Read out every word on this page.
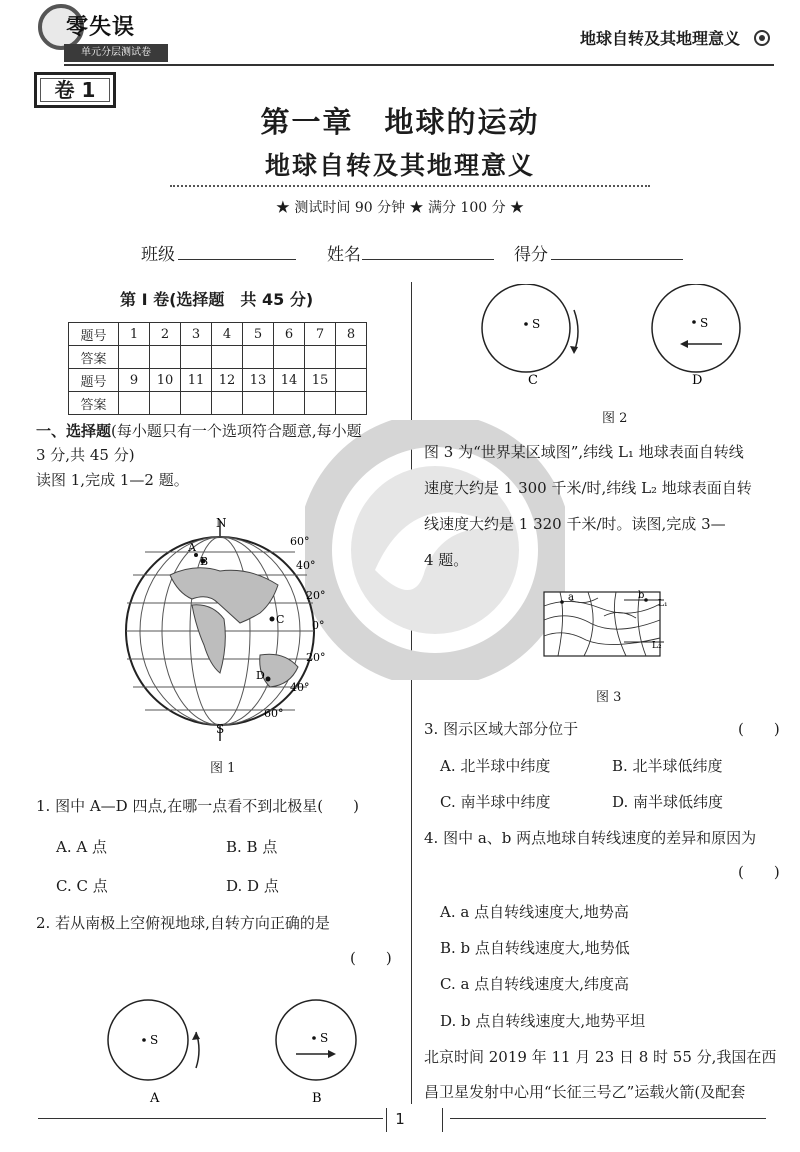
零失误
单元分层测试卷
地球自转及其地理意义
卷 1
第一章　地球的运动
地球自转及其地理意义
★ 测试时间 90 分钟 ★ 满分 100 分 ★
班级	姓名	得分
第 Ⅰ 卷(选择题　共 45 分)
题号	1	2	3	4	5	6	7	8
答案								
题号	9	10	11	12	13	14	15	
答案								
一、选择题(每小题只有一个选项符合题意,每小题
3 分,共 45 分)
读图 1,完成 1—2 题。
N
S
A
B
C
D
60°
40°
20°
0°
20°
40°
60°
图 1
1. 图中 A—D 四点,在哪一点看不到北极星(　　)
A. A 点	B. B 点
C. C 点	D. D 点
2. 若从南极上空俯视地球,自转方向正确的是
(　　)
S
A
S
B
S
C
S
D
图 2
图 3 为“世界某区域图”,纬线 L₁ 地球表面自转线
速度大约是 1 300 千米/时,纬线 L₂ 地球表面自转
线速度大约是 1 320 千米/时。读图,完成 3—
4 题。
a	b
L₁
L₂
图 3
3. 图示区域大部分位于	(　　)
A. 北半球中纬度	B. 北半球低纬度
C. 南半球中纬度	D. 南半球低纬度
4. 图中 a、b 两点地球自转线速度的差异和原因为
(　　)
A. a 点自转线速度大,地势高
B. b 点自转线速度大,地势低
C. a 点自转线速度大,纬度高
D. b 点自转线速度大,地势平坦
北京时间 2019 年 11 月 23 日 8 时 55 分,我国在西
昌卫星发射中心用“长征三号乙”运载火箭(及配套
1
